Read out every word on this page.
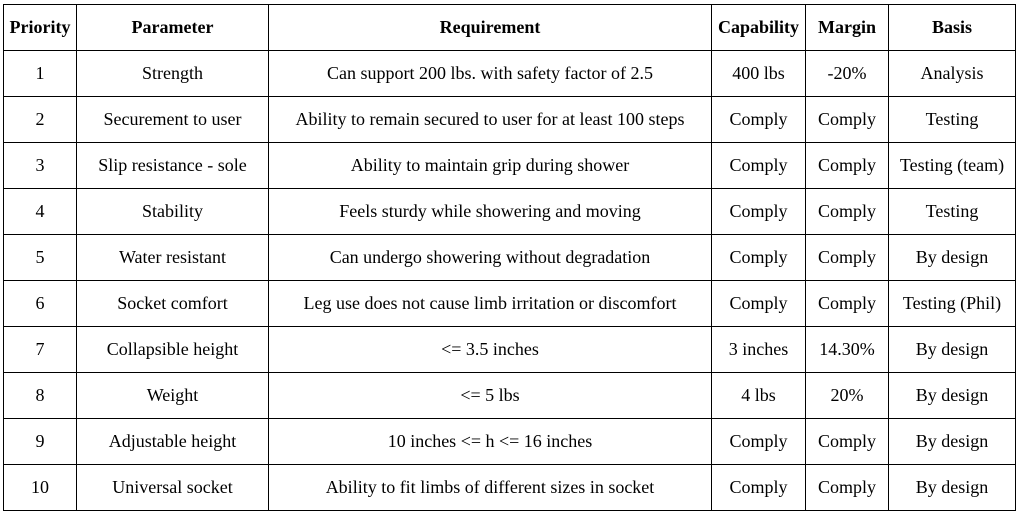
Priority	Parameter	Requirement	Capability	Margin	Basis
1	Strength	Can support 200 lbs. with safety factor of 2.5	400 lbs	-20%	Analysis
2	Securement to user	Ability to remain secured to user for at least 100 steps	Comply	Comply	Testing
3	Slip resistance - sole	Ability to maintain grip during shower	Comply	Comply	Testing (team)
4	Stability	Feels sturdy while showering and moving	Comply	Comply	Testing
5	Water resistant	Can undergo showering without degradation	Comply	Comply	By design
6	Socket comfort	Leg use does not cause limb irritation or discomfort	Comply	Comply	Testing (Phil)
7	Collapsible height	<= 3.5 inches	3 inches	14.30%	By design
8	Weight	<= 5 lbs	4 lbs	20%	By design
9	Adjustable height	10 inches <= h <= 16 inches	Comply	Comply	By design
10	Universal socket	Ability to fit limbs of different sizes in socket	Comply	Comply	By design
